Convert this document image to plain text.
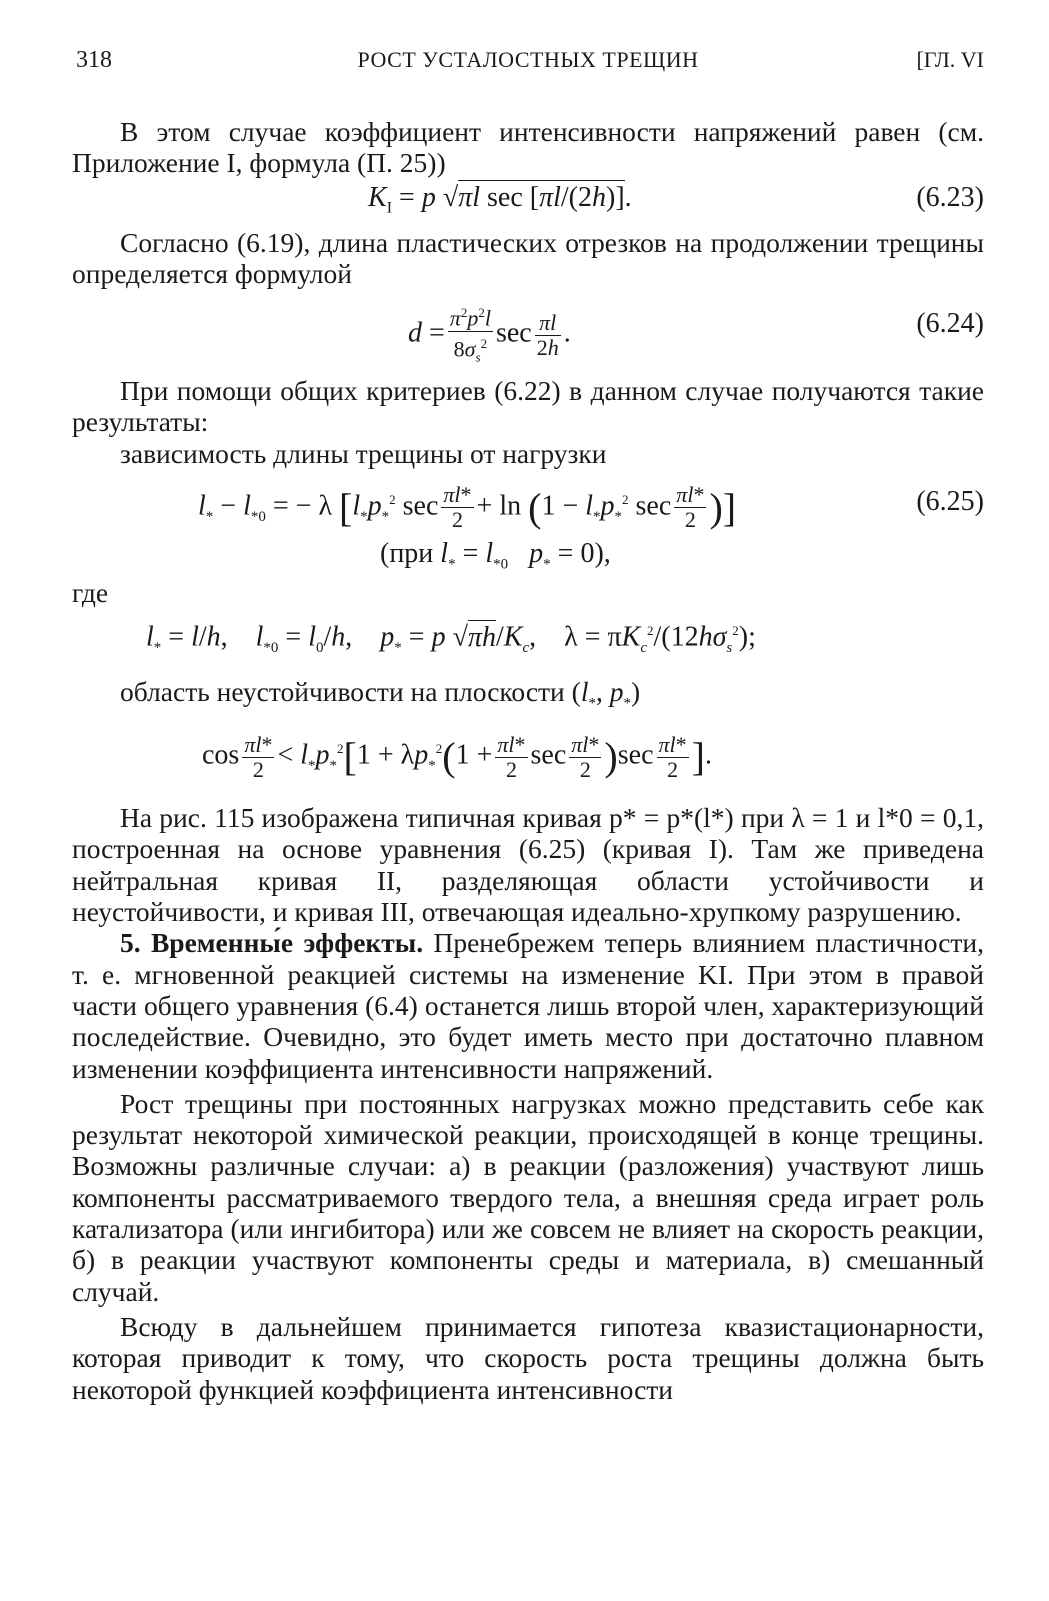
318	РОСТ УСТАЛОСТНЫХ ТРЕЩИН	[ГЛ. VI

В этом случае коэффициент интенсивности напряжений равен (см. Приложение I, формула (П. 25))

$K_I = p$ √πl sec [πl/(2h)].	(6.23)

Согласно (6.19), длина пластических отрезков на продолжении трещины определяется формулой

$d = \frac{\pi^2p^2l}{8\sigma_s^2}$ $\sec \frac{\pi l}{2h}$ .	(6.24)

При помощи общих критериев (6.22) в данном случае получаются такие результаты:

зависимость длины трещины от нагрузки

$l_* - l_{*0}$ = − λ [$l_*p_*^2$ $\sec \frac{\pi l*}{2} + \ln (1 - l_*p_*^2$ $\sec \frac{\pi l*}{2}$ )]	(6.25)
(при $l_* = l_{*0}$ $p_* = 0$),

где

$l_* = l/h$,    $l_{*0} = l_0/h$,    $p_* = p$ $√\pi h/K_c$,    $\lambda = \pi K_c^2/(12h\sigma_s^2)$;

область неустойчивости на плоскости ($l_*$, $p_*$)

$\cos \frac{\pi l*}{2} < l_*p_*^2[1 + \lambda p_*^2(1 + \frac{\pi l*}{2}$ $\sec \frac{\pi l*}{2} )\sec \frac{\pi l*}{2}$ ].

На рис. 115 изображена типичная кривая p* = p*(l*) при λ = 1 и l*0 = 0,1, построенная на основе уравнения (6.25) (кривая I). Там же приведена нейтральная кривая II, разделяющая области устойчивости и неустойчивости, и кривая III, отвечающая идеально-хрупкому разрушению.

5. Временны́е эффекты. Пренебрежем теперь влиянием пластичности, т. е. мгновенной реакцией системы на изменение KI. При этом в правой части общего уравнения (6.4) останется лишь второй член, характеризующий последействие. Очевидно, это будет иметь место при достаточно плавном изменении коэффициента интенсивности напряжений.

Рост трещины при постоянных нагрузках можно представить себе как результат некоторой химической реакции, происходящей в конце трещины. Возможны различные случаи: а) в реакции (разложения) участвуют лишь компоненты рассматриваемого твердого тела, а внешняя среда играет роль катализатора (или ингибитора) или же совсем не влияет на скорость реакции, б) в реакции участвуют компоненты среды и материала, в) смешанный случай.

Всюду в дальнейшем принимается гипотеза квазистационарности, которая приводит к тому, что скорость роста трещины должна быть некоторой функцией коэффициента интенсивности
